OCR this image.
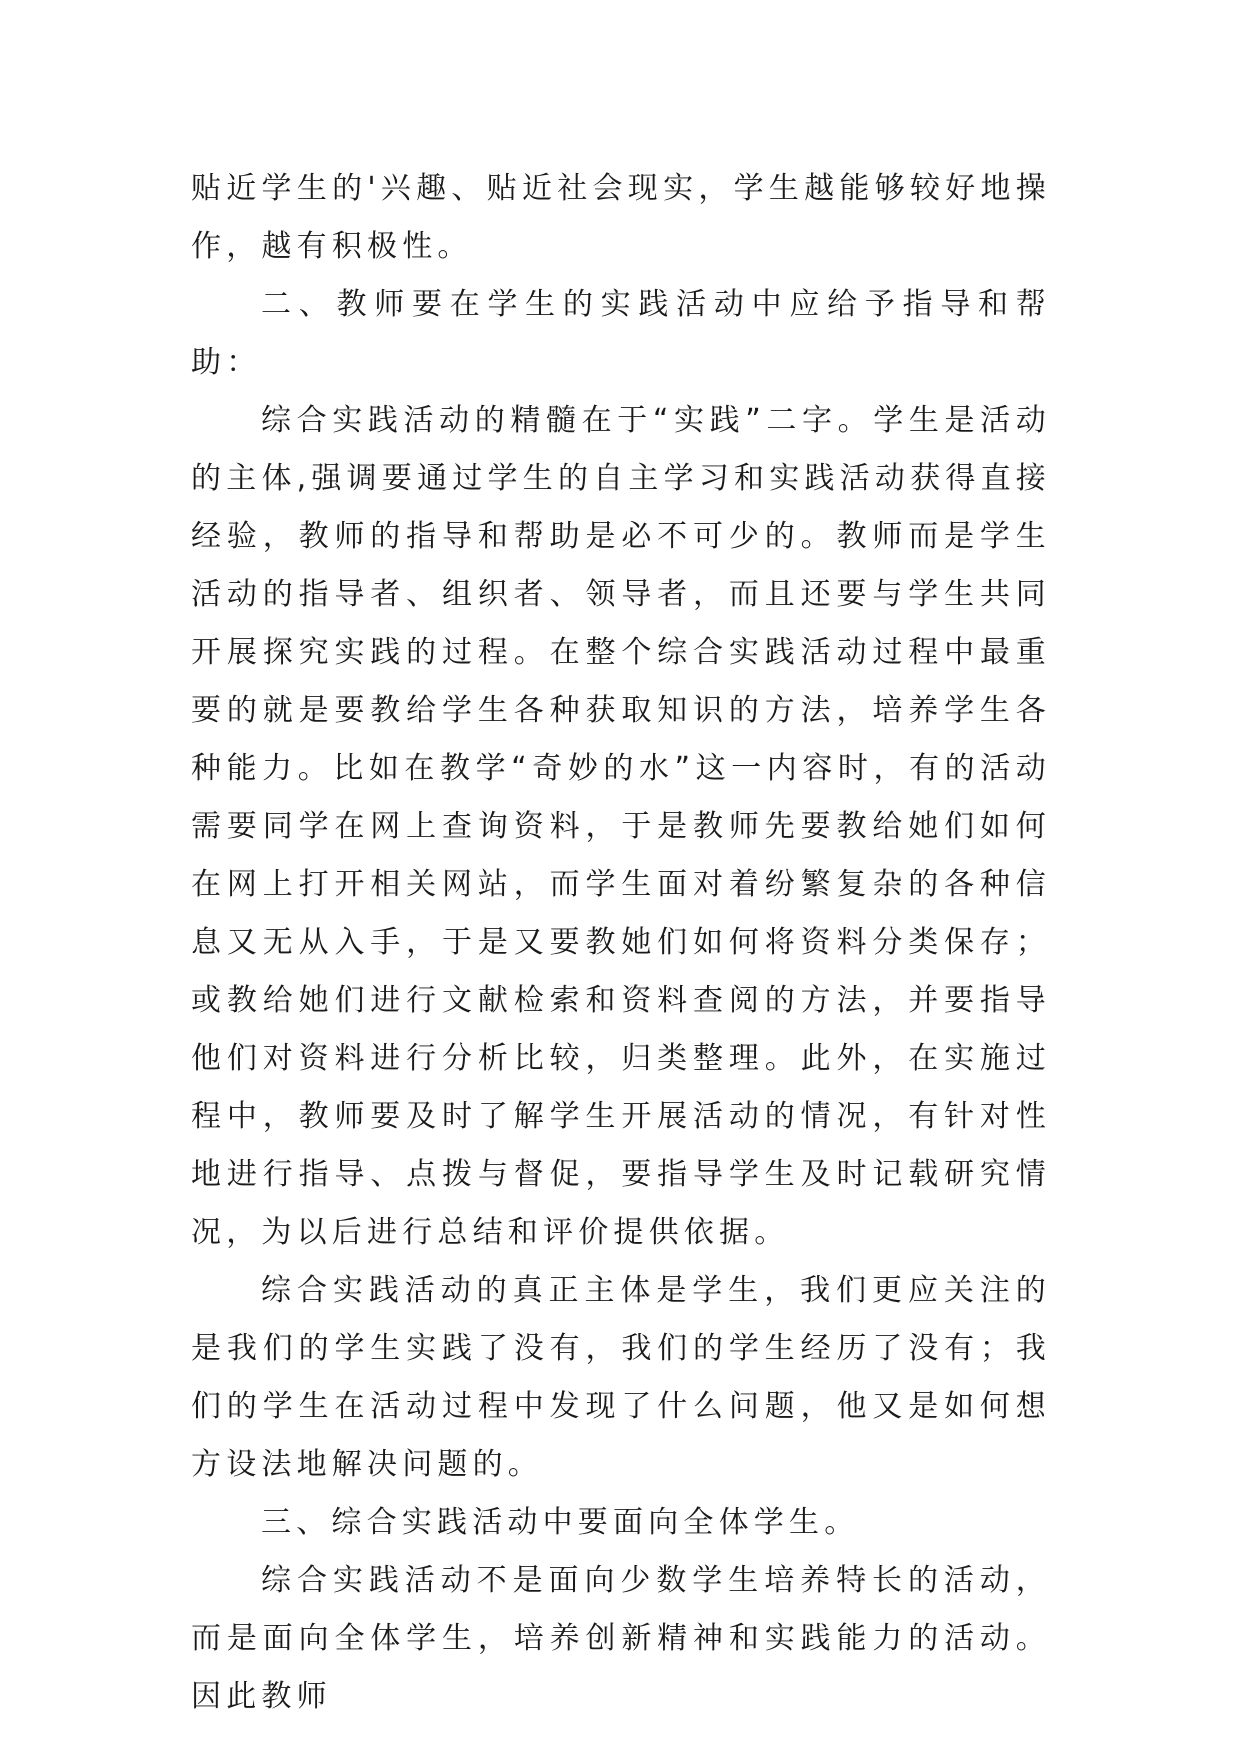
贴近学生的'兴趣、贴近社会现实，学生越能够较好地操作，越有积极性。

二、教师要在学生的实践活动中应给予指导和帮助：

综合实践活动的精髓在于“实践”二字。学生是活动的主体,强调要通过学生的自主学习和实践活动获得直接经验，教师的指导和帮助是必不可少的。教师而是学生活动的指导者、组织者、领导者，而且还要与学生共同开展探究实践的过程。在整个综合实践活动过程中最重要的就是要教给学生各种获取知识的方法，培养学生各种能力。比如在教学“奇妙的水”这一内容时，有的活动需要同学在网上查询资料，于是教师先要教给她们如何在网上打开相关网站，而学生面对着纷繁复杂的各种信息又无从入手，于是又要教她们如何将资料分类保存；或教给她们进行文献检索和资料查阅的方法，并要指导他们对资料进行分析比较，归类整理。此外，在实施过程中，教师要及时了解学生开展活动的情况，有针对性地进行指导、点拨与督促，要指导学生及时记载研究情况，为以后进行总结和评价提供依据。

综合实践活动的真正主体是学生，我们更应关注的是我们的学生实践了没有，我们的学生经历了没有；我们的学生在活动过程中发现了什么问题，他又是如何想方设法地解决问题的。

三、综合实践活动中要面向全体学生。

综合实践活动不是面向少数学生培养特长的活动，而是面向全体学生，培养创新精神和实践能力的活动。因此教师
